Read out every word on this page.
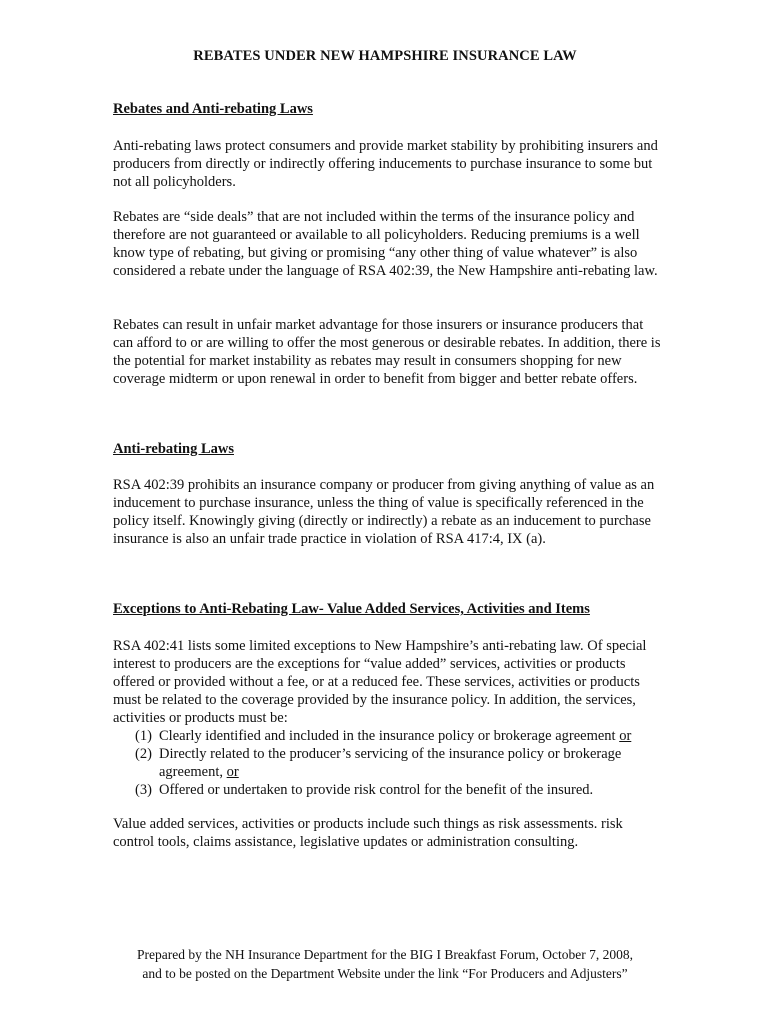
REBATES UNDER NEW HAMPSHIRE INSURANCE LAW
Rebates and Anti-rebating Laws
Anti-rebating laws protect consumers and provide market stability by prohibiting insurers and producers from directly or indirectly offering inducements to purchase insurance to some but not all policyholders.
Rebates are “side deals” that are not included within the terms of the insurance policy and therefore are not guaranteed or available to all policyholders. Reducing premiums is a well know type of rebating, but giving or promising “any other thing of value whatever” is also considered a rebate under the language of RSA 402:39, the New Hampshire anti-rebating law.
Rebates can result in unfair market advantage for those insurers or insurance producers that can afford to or are willing to offer the most generous or desirable rebates. In addition, there is the potential for market instability as rebates may result in consumers shopping for new coverage midterm or upon renewal in order to benefit from bigger and better rebate offers.
Anti-rebating Laws
RSA 402:39 prohibits an insurance company or producer from giving anything of value as an inducement to purchase insurance, unless the thing of value is specifically referenced in the policy itself. Knowingly giving (directly or indirectly) a rebate as an inducement to purchase insurance is also an unfair trade practice in violation of RSA 417:4, IX (a).
Exceptions to Anti-Rebating Law- Value Added Services, Activities and Items
RSA 402:41 lists some limited exceptions to New Hampshire’s anti-rebating law. Of special interest to producers are the exceptions for “value added” services, activities or products offered or provided without a fee, or at a reduced fee. These services, activities or products must be related to the coverage provided by the insurance policy. In addition, the services, activities or products must be:
(1) Clearly identified and included in the insurance policy or brokerage agreement or
(2) Directly related to the producer’s servicing of the insurance policy or brokerage agreement, or
(3) Offered or undertaken to provide risk control for the benefit of the insured.
Value added services, activities or products include such things as risk assessments. risk control tools, claims assistance, legislative updates or administration consulting.
Prepared by the NH Insurance Department for the BIG I Breakfast Forum, October 7, 2008,
and to be posted on the Department Website under the link “For Producers and Adjusters”
